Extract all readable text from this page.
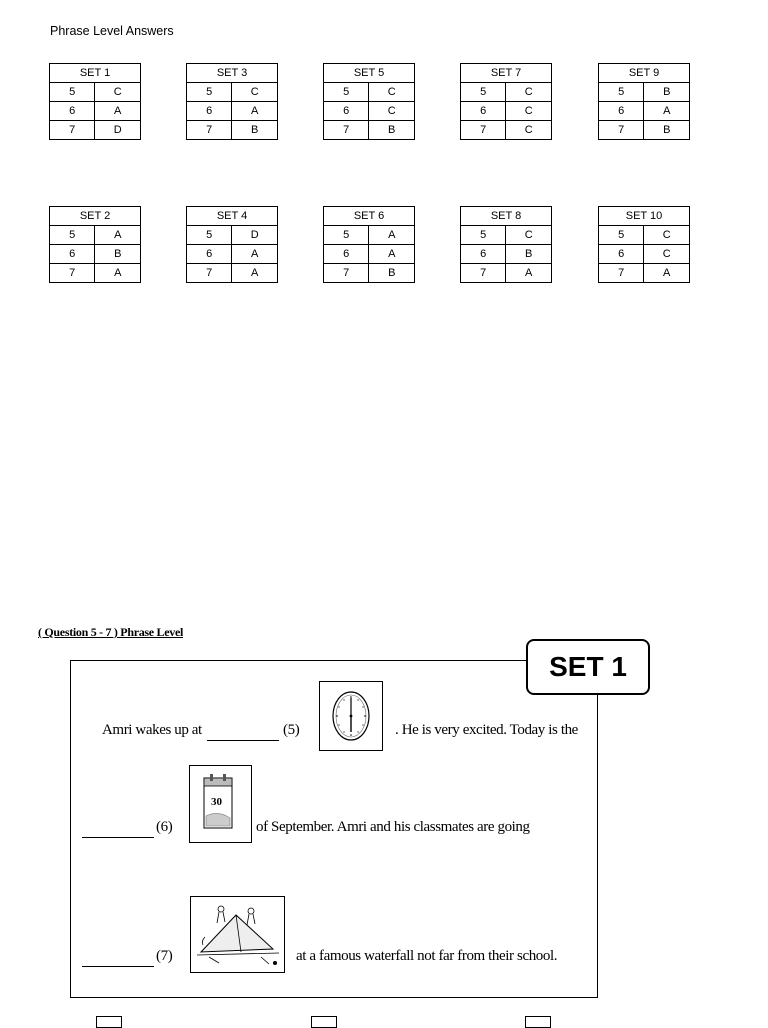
Phrase Level Answers
SET 1	
5	C
6	A
7	D
SET 3	
5	C
6	A
7	B
SET 5	
5	C
6	C
7	B
SET 7	
5	C
6	C
7	C
SET 9	
5	B
6	A
7	B
SET 2	
5	A
6	B
7	A
SET 4	
5	D
6	A
7	A
SET 6	
5	A
6	A
7	B
SET 8	
5	C
6	B
7	A
SET 10	
5	C
6	C
7	A
( Question 5 - 7 ) Phrase Level
SET 1
Amri wakes up at	(5)	. He is very excited. Today is the
(6)
30
of September. Amri and his classmates are going
(7)	at a famous waterfall not far from their school.
